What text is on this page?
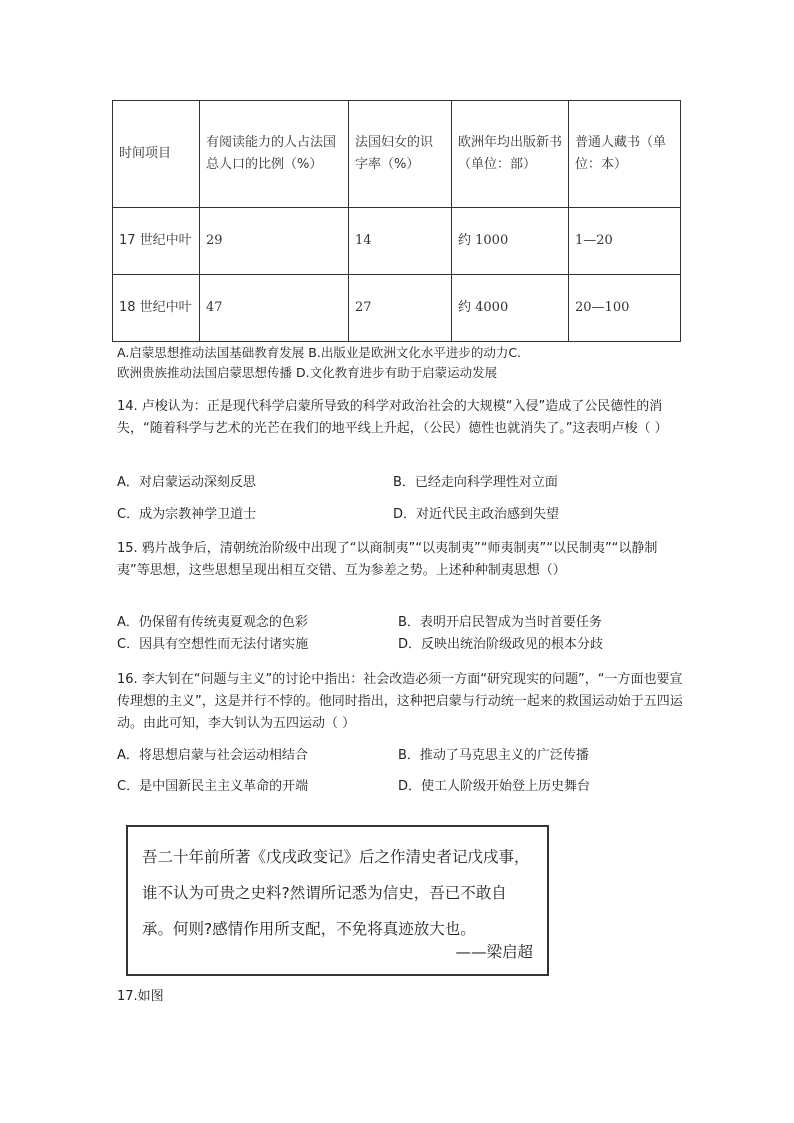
时间项目	有阅读能力的人占法国总人口的比例（%）	法国妇女的识字率（%）	欧洲年均出版新书（单位：部）	普通人藏书（单位：本）
17 世纪中叶	29	14	约 1000	1—20
18 世纪中叶	47	27	约 4000	20—100
A.启蒙思想推动法国基础教育发展 B.出版业是欧洲文化水平进步的动力C.
欧洲贵族推动法国启蒙思想传播 D.文化教育进步有助于启蒙运动发展
14. 卢梭认为：正是现代科学启蒙所导致的科学对政治社会的大规模“入侵”造成了公民德性的消失，“随着科学与艺术的光芒在我们的地平线上升起，（公民）德性也就消失了。”这表明卢梭（ ）
A．对启蒙运动深刻反思	B．已经走向科学理性对立面
C．成为宗教神学卫道士	D．对近代民主政治感到失望
15. 鸦片战争后，清朝统治阶级中出现了“以商制夷”“以夷制夷”“师夷制夷”“以民制夷”“以静制夷”等思想，这些思想呈现出相互交错、互为参差之势。上述种种制夷思想（）
A．仍保留有传统夷夏观念的色彩	B．表明开启民智成为当时首要任务
C．因具有空想性而无法付诸实施	D．反映出统治阶级政见的根本分歧
16. 李大钊在“问题与主义”的讨论中指出：社会改造必须一方面“研究现实的问题”，“一方面也要宣传理想的主义”，这是并行不悖的。他同时指出，这种把启蒙与行动统一起来的救国运动始于五四运动。由此可知，李大钊认为五四运动（ ）
A．将思想启蒙与社会运动相结合	B．推动了马克思主义的广泛传播
C．是中国新民主主义革命的开端	D．使工人阶级开始登上历史舞台
吾二十年前所著《戊戌政变记》后之作清史者记戊戌事，谁不认为可贵之史料?然谓所记悉为信史，吾已不敢自承。何则?感情作用所支配，不免将真迹放大也。
——梁启超
17.如图
